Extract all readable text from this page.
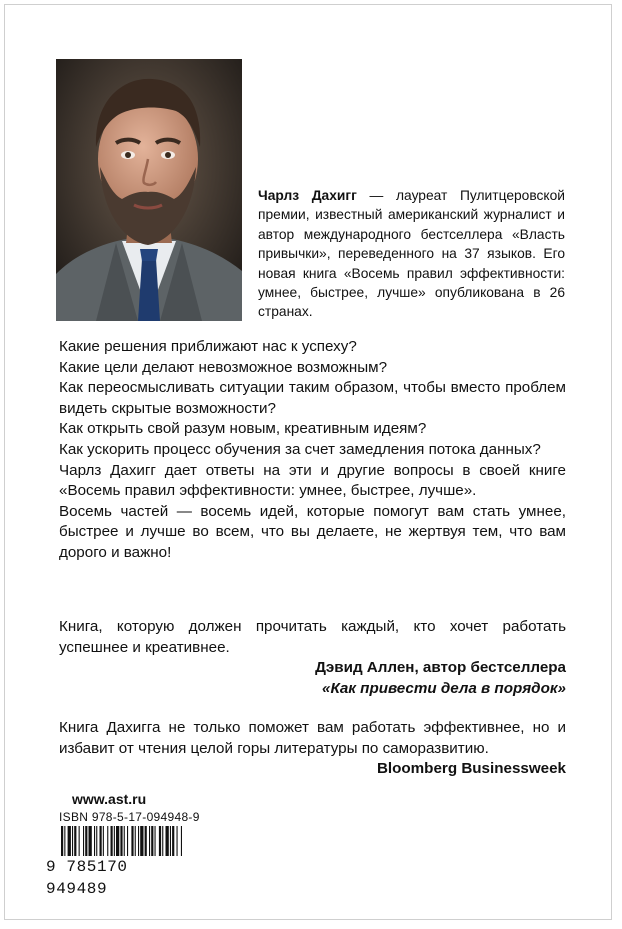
Чарлз Дахигг — лауреат Пулитцеровской премии, известный американский журналист и автор международного бестселлера «Власть привычки», переведенного на 37 языков. Его новая книга «Восемь правил эффективности: умнее, быстрее, лучше» опубликована в 26 странах.

Какие решения приближают нас к успеху?

Какие цели делают невозможное возможным?

Как переосмысливать ситуации таким образом, чтобы вместо проблем видеть скрытые возможности?

Как открыть свой разум новым, креативным идеям?

Как ускорить процесс обучения за счет замедления потока данных?

Чарлз Дахигг дает ответы на эти и другие вопросы в своей книге «Восемь правил эффективности: умнее, быстрее, лучше».

Восемь частей — восемь идей, которые помогут вам стать умнее, быстрее и лучше во всем, что вы делаете, не жертвуя тем, что вам дорого и важно!

Книга, которую должен прочитать каждый, кто хочет работать успешнее и креативнее.
Дэвид Аллен, автор бестселлера
«Как привести дела в порядок»
Книга Дахигга не только поможет вам работать эффективнее, но и избавит от чтения целой горы литературы по саморазвитию.
Bloomberg Businessweek
www.ast.ru
ISBN 978-5-17-094948-9
9 785170 949489
